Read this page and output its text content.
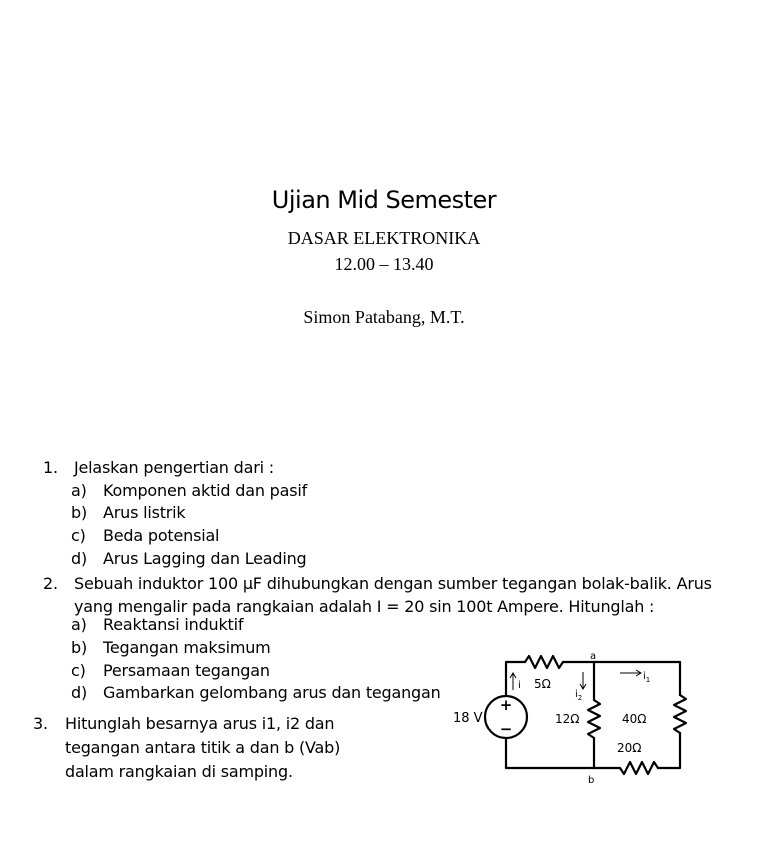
Ujian Mid Semester
DASAR ELEKTRONIKA
12.00 – 13.40
Simon Patabang, M.T.
1. Jelaskan pengertian dari :
a) Komponen aktid dan pasif
b) Arus listrik
c) Beda potensial
d) Arus Lagging dan Leading
2. Sebuah induktor 100 µF dihubungkan dengan sumber tegangan bolak-balik. Arus
yang mengalir pada rangkaian adalah I = 20 sin 100t Ampere. Hitunglah :
a) Reaktansi induktif
b) Tegangan maksimum
c) Persamaan tegangan
d) Gambarkan gelombang arus dan tegangan
3. Hitunglah besarnya arus i1, i2 dan
tegangan antara titik a dan b (Vab)
dalam rangkaian di samping.
+
−
18 V
5Ω
12Ω	40Ω
20Ω
a
b
i
$i_2$
$i_1$
